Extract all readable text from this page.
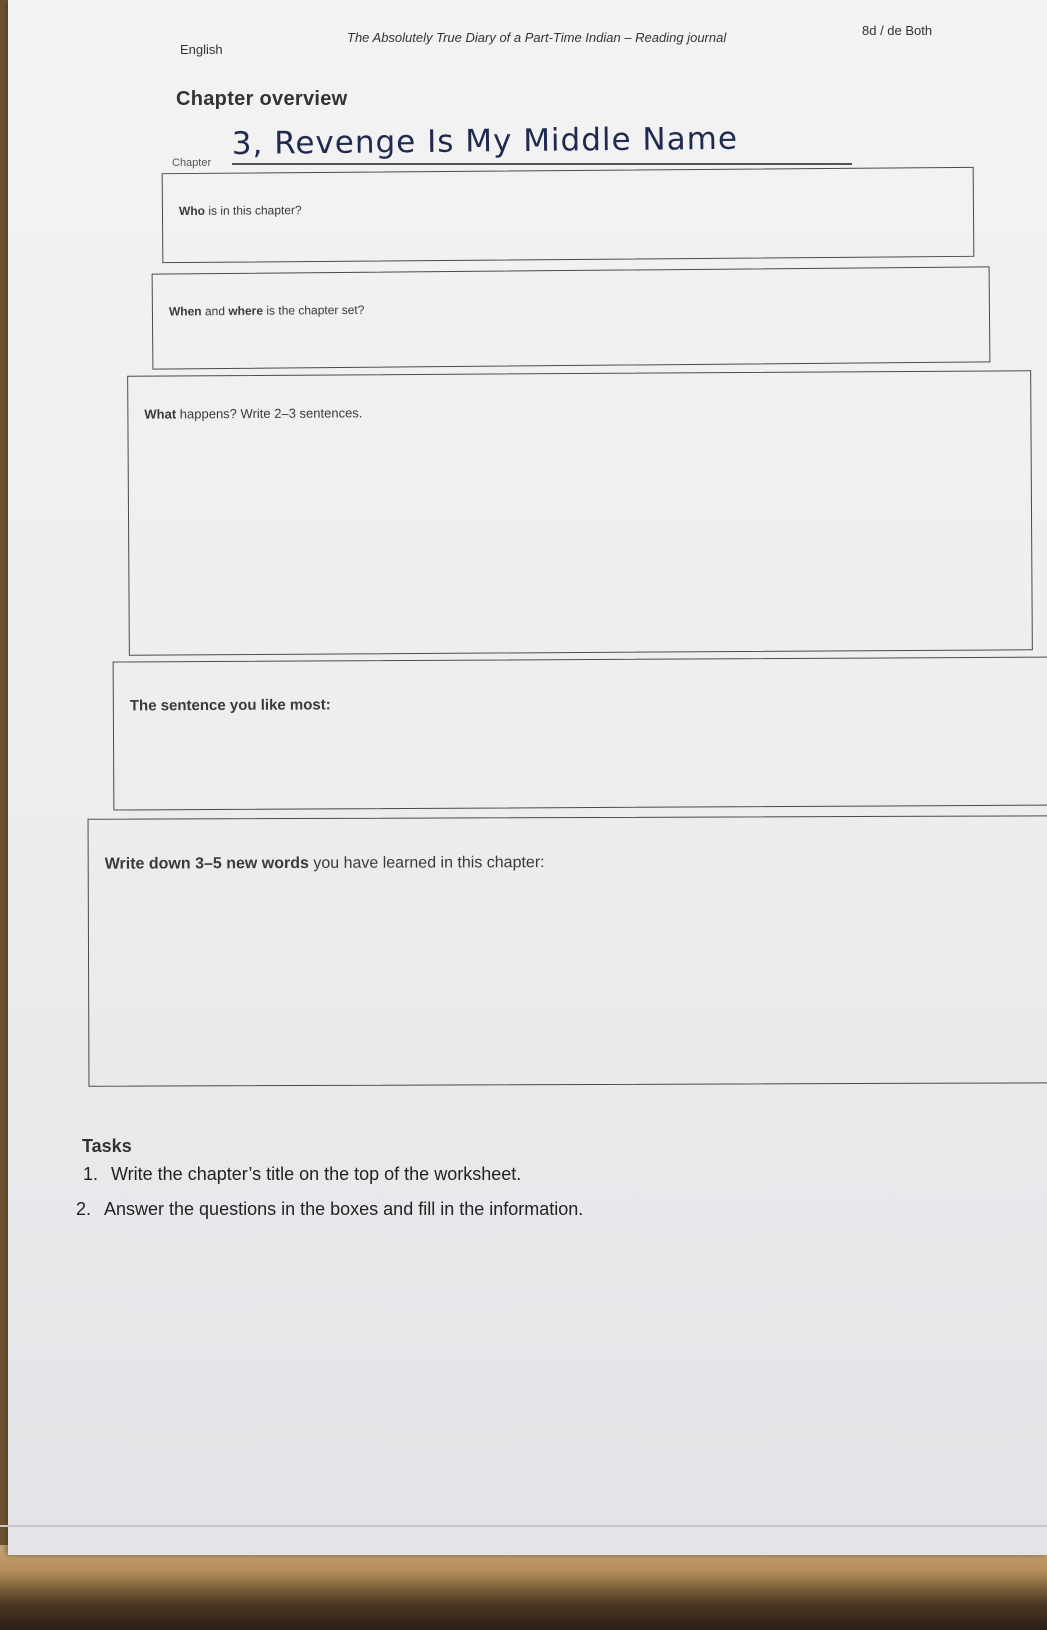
English
The Absolutely True Diary of a Part-Time Indian – Reading journal	8d / de Both
Chapter overview
Chapter
3, Revenge Is My Middle Name
Who is in this chapter?
When and where is the chapter set?
What happens? Write 2–3 sentences.
The sentence you like most:
Write down 3–5 new words you have learned in this chapter:
Tasks
1. Write the chapter’s title on the top of the worksheet.
2. Answer the questions in the boxes and fill in the information.
